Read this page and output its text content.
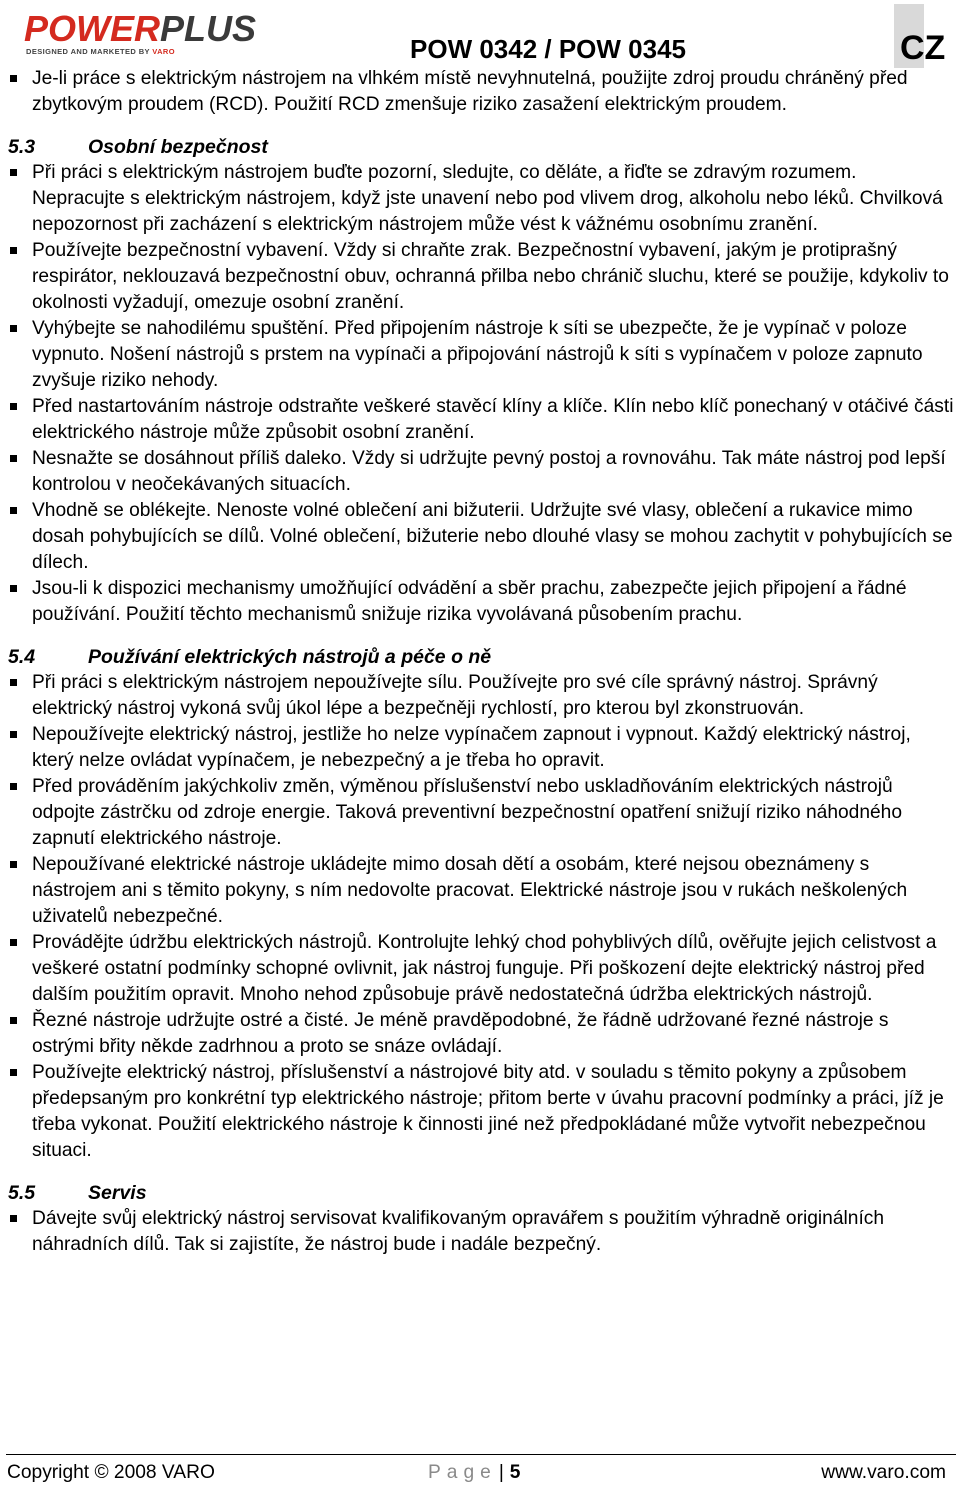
POWERPLUS
DESIGNED AND MARKETED BY VARO	POW 0342 / POW 0345	CZ
Je-li práce s elektrickým nástrojem na vlhkém místě nevyhnutelná, použijte zdroj proudu chráněný před zbytkovým proudem (RCD). Použití RCD zmenšuje riziko zasažení elektrickým proudem.
5.3	Osobní bezpečnost
Při práci s elektrickým nástrojem buďte pozorní, sledujte, co děláte, a řiďte se zdravým rozumem. Nepracujte s elektrickým nástrojem, když jste unavení nebo pod vlivem drog, alkoholu nebo léků. Chvilková nepozornost při zacházení s elektrickým nástrojem může vést k vážnému osobnímu zranění.
Používejte bezpečnostní vybavení. Vždy si chraňte zrak. Bezpečnostní vybavení, jakým je protiprašný respirátor, neklouzavá bezpečnostní obuv, ochranná přilba nebo chránič sluchu, které se použije, kdykoliv to okolnosti vyžadují, omezuje osobní zranění.
Vyhýbejte se nahodilému spuštění. Před připojením nástroje k síti se ubezpečte, že je vypínač v poloze vypnuto. Nošení nástrojů s prstem na vypínači a připojování nástrojů k síti s vypínačem v poloze zapnuto zvyšuje riziko nehody.
Před nastartováním nástroje odstraňte veškeré stavěcí klíny a klíče. Klín nebo klíč ponechaný v otáčivé části elektrického nástroje může způsobit osobní zranění.
Nesnažte se dosáhnout příliš daleko. Vždy si udržujte pevný postoj a rovnováhu. Tak máte nástroj pod lepší kontrolou v neočekávaných situacích.
Vhodně se oblékejte. Nenoste volné oblečení ani bižuterii. Udržujte své vlasy, oblečení a rukavice mimo dosah pohybujících se dílů. Volné oblečení, bižuterie nebo dlouhé vlasy se mohou zachytit v pohybujících se dílech.
Jsou-li k dispozici mechanismy umožňující odvádění a sběr prachu, zabezpečte jejich připojení a řádné používání. Použití těchto mechanismů snižuje rizika vyvolávaná působením prachu.
5.4	Používání elektrických nástrojů a péče o ně
Při práci s elektrickým nástrojem nepoužívejte sílu. Používejte pro své cíle správný nástroj. Správný elektrický nástroj vykoná svůj úkol lépe a bezpečněji rychlostí, pro kterou byl zkonstruován.
Nepoužívejte elektrický nástroj, jestliže ho nelze vypínačem zapnout i vypnout. Každý elektrický nástroj, který nelze ovládat vypínačem, je nebezpečný a je třeba ho opravit.
Před prováděním jakýchkoliv změn, výměnou příslušenství nebo uskladňováním elektrických nástrojů odpojte zástrčku od zdroje energie. Taková preventivní bezpečnostní opatření snižují riziko náhodného zapnutí elektrického nástroje.
Nepoužívané elektrické nástroje ukládejte mimo dosah dětí a osobám, které nejsou obeznámeny s nástrojem ani s těmito pokyny, s ním nedovolte pracovat. Elektrické nástroje jsou v rukách neškolených uživatelů nebezpečné.
Provádějte údržbu elektrických nástrojů. Kontrolujte lehký chod pohyblivých dílů, ověřujte jejich celistvost a veškeré ostatní podmínky schopné ovlivnit, jak nástroj funguje. Při poškození dejte elektrický nástroj před dalším použitím opravit. Mnoho nehod způsobuje právě nedostatečná údržba elektrických nástrojů.
Řezné nástroje udržujte ostré a čisté. Je méně pravděpodobné, že řádně udržované řezné nástroje s ostrými břity někde zadrhnou a proto se snáze ovládají.
Používejte elektrický nástroj, příslušenství a nástrojové bity atd. v souladu s těmito pokyny a způsobem předepsaným pro konkrétní typ elektrického nástroje; přitom berte v úvahu pracovní podmínky a práci, jíž je třeba vykonat. Použití elektrického nástroje k činnosti jiné než předpokládané může vytvořit nebezpečnou situaci.
5.5	Servis
Dávejte svůj elektrický nástroj servisovat kvalifikovaným opravářem s použitím výhradně originálních náhradních dílů. Tak si zajistíte, že nástroj bude i nadále bezpečný.
Copyright © 2008 VARO	Page | 5	www.varo.com
